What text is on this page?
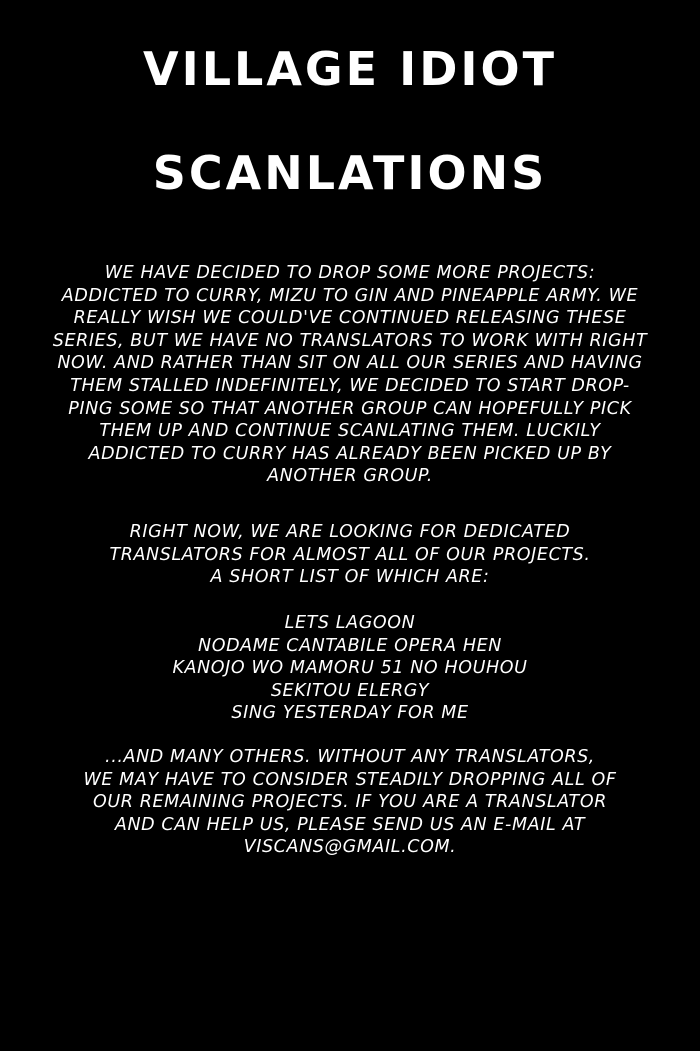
VILLAGE IDIOT
SCANLATIONS
WE HAVE DECIDED TO DROP SOME MORE PROJECTS:
ADDICTED TO CURRY, MIZU TO GIN AND PINEAPPLE ARMY. WE
REALLY WISH WE COULD'VE CONTINUED RELEASING THESE
SERIES, BUT WE HAVE NO TRANSLATORS TO WORK WITH RIGHT
NOW. AND RATHER THAN SIT ON ALL OUR SERIES AND HAVING
THEM STALLED INDEFINITELY, WE DECIDED TO START DROP-
PING SOME SO THAT ANOTHER GROUP CAN HOPEFULLY PICK
THEM UP AND CONTINUE SCANLATING THEM. LUCKILY
ADDICTED TO CURRY HAS ALREADY BEEN PICKED UP BY
ANOTHER GROUP.
RIGHT NOW, WE ARE LOOKING FOR DEDICATED
TRANSLATORS FOR ALMOST ALL OF OUR PROJECTS.
A SHORT LIST OF WHICH ARE:
LETS LAGOON
NODAME CANTABILE OPERA HEN
KANOJO WO MAMORU 51 NO HOUHOU
SEKITOU ELERGY
SING YESTERDAY FOR ME
...AND MANY OTHERS. WITHOUT ANY TRANSLATORS,
WE MAY HAVE TO CONSIDER STEADILY DROPPING ALL OF
OUR REMAINING PROJECTS. IF YOU ARE A TRANSLATOR
AND CAN HELP US, PLEASE SEND US AN E-MAIL AT
VISCANS@GMAIL.COM.
